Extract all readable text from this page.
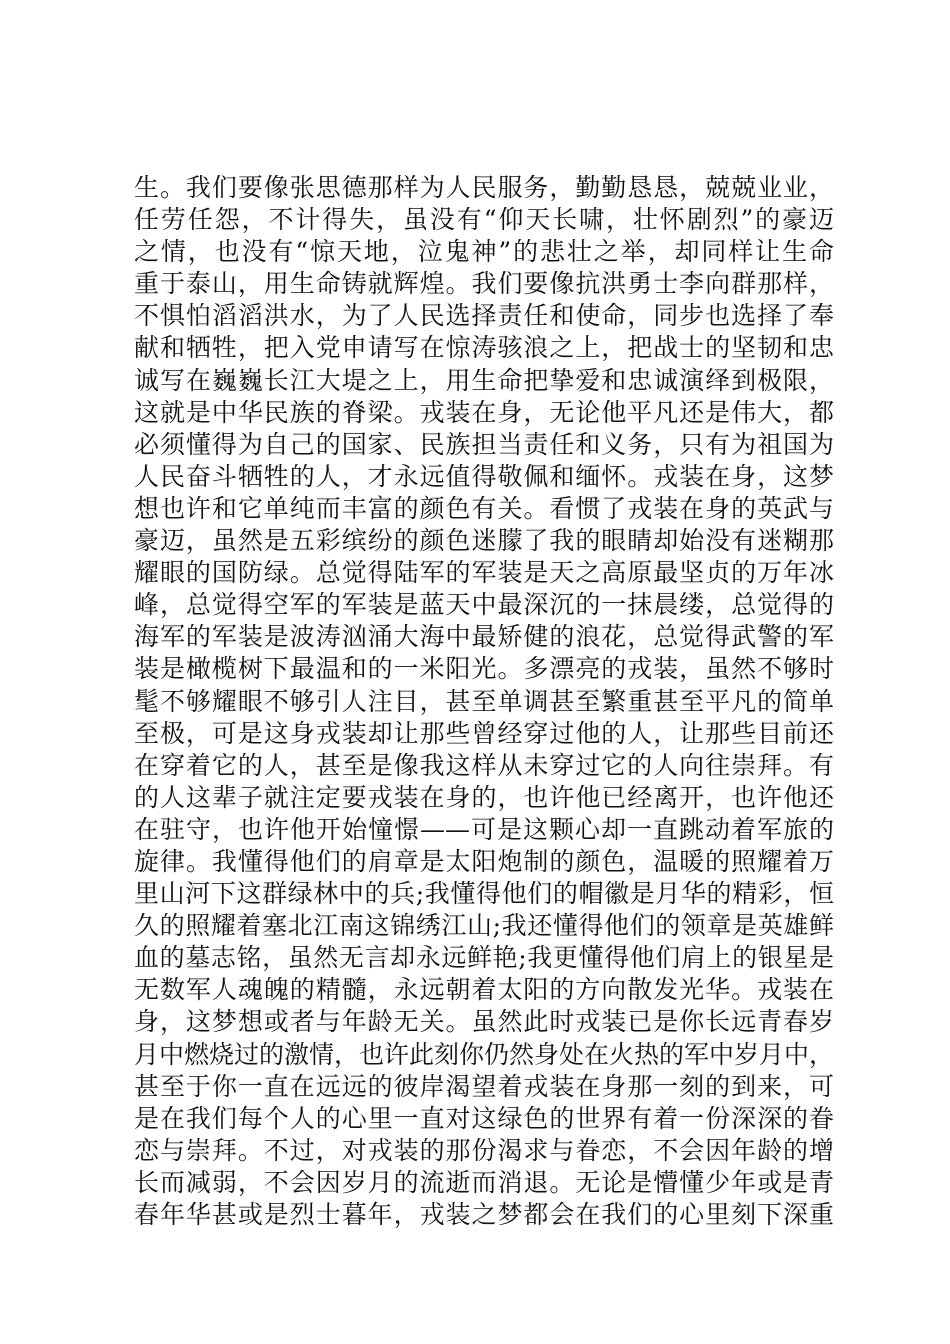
生。我们要像张思德那样为人民服务，勤勤恳恳，兢兢业业，
任劳任怨，不计得失，虽没有“仰天长啸，壮怀剧烈”的豪迈
之情，也没有“惊天地，泣鬼神”的悲壮之举，却同样让生命
重于泰山，用生命铸就辉煌。我们要像抗洪勇士李向群那样，
不惧怕滔滔洪水，为了人民选择责任和使命，同步也选择了奉
献和牺牲，把入党申请写在惊涛骇浪之上，把战士的坚韧和忠
诚写在巍巍长江大堤之上，用生命把挚爱和忠诚演绎到极限，
这就是中华民族的脊梁。戎装在身，无论他平凡还是伟大，都
必须懂得为自己的国家、民族担当责任和义务，只有为祖国为
人民奋斗牺牲的人，才永远值得敬佩和缅怀。戎装在身，这梦
想也许和它单纯而丰富的颜色有关。看惯了戎装在身的英武与
豪迈，虽然是五彩缤纷的颜色迷朦了我的眼睛却始没有迷糊那
耀眼的国防绿。总觉得陆军的军装是天之高原最坚贞的万年冰
峰，总觉得空军的军装是蓝天中最深沉的一抹晨缕，总觉得的
海军的军装是波涛汹涌大海中最矫健的浪花，总觉得武警的军
装是橄榄树下最温和的一米阳光。多漂亮的戎装，虽然不够时
髦不够耀眼不够引人注目，甚至单调甚至繁重甚至平凡的简单
至极，可是这身戎装却让那些曾经穿过他的人，让那些目前还
在穿着它的人，甚至是像我这样从未穿过它的人向往崇拜。有
的人这辈子就注定要戎装在身的，也许他已经离开，也许他还
在驻守，也许他开始憧憬——可是这颗心却一直跳动着军旅的
旋律。我懂得他们的肩章是太阳炮制的颜色，温暖的照耀着万
里山河下这群绿林中的兵;我懂得他们的帽徽是月华的精彩，恒
久的照耀着塞北江南这锦绣江山;我还懂得他们的领章是英雄鲜
血的墓志铭，虽然无言却永远鲜艳;我更懂得他们肩上的银星是
无数军人魂魄的精髓，永远朝着太阳的方向散发光华。戎装在
身，这梦想或者与年龄无关。虽然此时戎装已是你长远青春岁
月中燃烧过的激情，也许此刻你仍然身处在火热的军中岁月中，
甚至于你一直在远远的彼岸渴望着戎装在身那一刻的到来，可
是在我们每个人的心里一直对这绿色的世界有着一份深深的眷
恋与崇拜。不过，对戎装的那份渴求与眷恋，不会因年龄的增
长而减弱，不会因岁月的流逝而消退。无论是懵懂少年或是青
春年华甚或是烈士暮年，戎装之梦都会在我们的心里刻下深重
